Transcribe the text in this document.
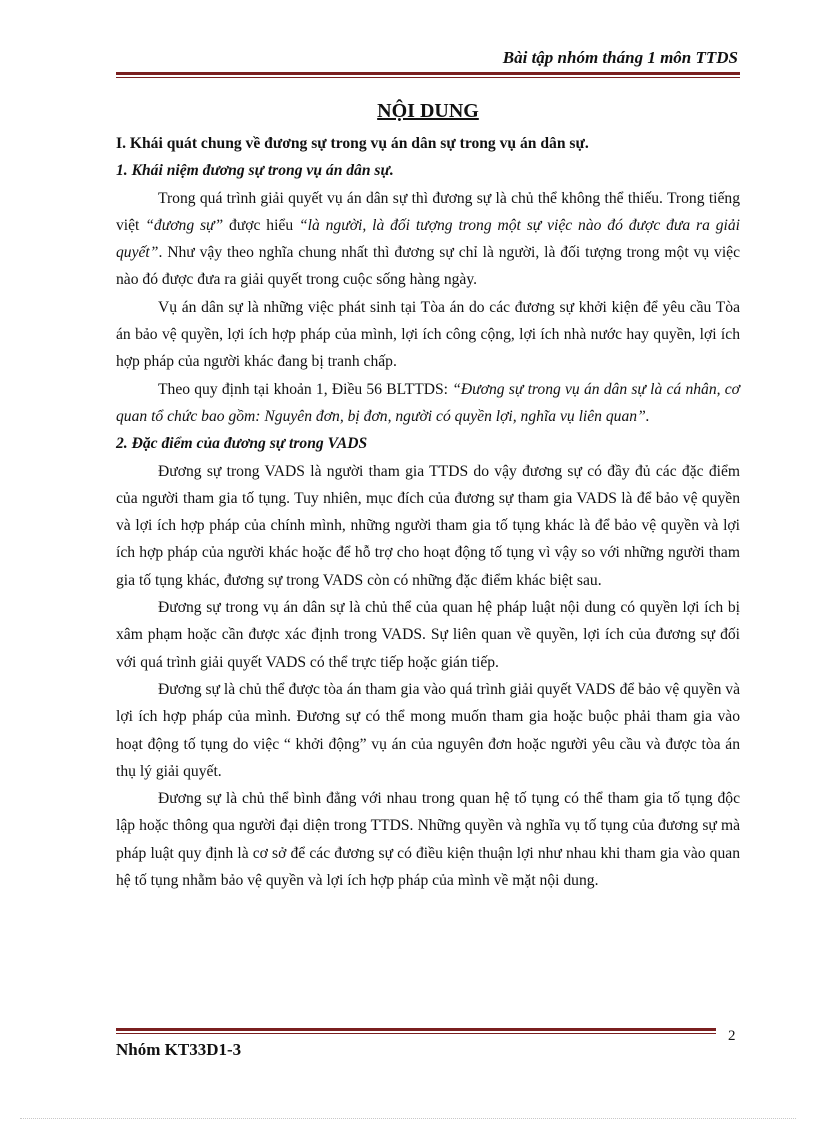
Bài tập nhóm tháng 1 môn TTDS
NỘI DUNG

I. Khái quát chung về đương sự trong vụ án dân sự trong vụ án dân sự.

1. Khái niệm đương sự trong vụ án dân sự.

Trong quá trình giải quyết vụ án dân sự thì đương sự là chủ thể không thể thiếu. Trong tiếng việt “đương sự” được hiểu “là người, là đối tượng trong một sự việc nào đó được đưa ra giải quyết”. Như vậy theo nghĩa chung nhất thì đương sự chỉ là người, là đối tượng trong một vụ việc nào đó được đưa ra giải quyết trong cuộc sống hàng ngày.

Vụ án dân sự là những việc phát sinh tại Tòa án do các đương sự khởi kiện để yêu cầu Tòa án bảo vệ quyền, lợi ích hợp pháp của mình, lợi ích công cộng, lợi ích nhà nước hay quyền, lợi ích hợp pháp của người khác đang bị tranh chấp.

Theo quy định tại khoản 1, Điều 56 BLTTDS: “Đương sự trong vụ án dân sự là cá nhân, cơ quan tổ chức bao gồm: Nguyên đơn, bị đơn, người có quyền lợi, nghĩa vụ liên quan”.

2. Đặc điểm của đương sự trong VADS

Đương sự trong VADS là người tham gia TTDS do vậy đương sự có đầy đủ các đặc điểm của người tham gia tố tụng. Tuy nhiên, mục đích của đương sự tham gia VADS là để bảo vệ quyền và lợi ích hợp pháp của chính mình, những người tham gia tố tụng khác là để bảo vệ quyền và lợi ích hợp pháp của người khác hoặc để hỗ trợ cho hoạt động tố tụng vì vậy so với những người tham gia tố tụng khác, đương sự trong VADS còn có những đặc điểm khác biệt sau.

Đương sự trong vụ án dân sự là chủ thể của quan hệ pháp luật nội dung có quyền lợi ích bị xâm phạm hoặc cần được xác định trong VADS. Sự liên quan về quyền, lợi ích của đương sự đối với quá trình giải quyết VADS có thể trực tiếp hoặc gián tiếp.

Đương sự là chủ thể được tòa án tham gia vào quá trình giải quyết VADS để bảo vệ quyền và lợi ích hợp pháp của mình. Đương sự có thể mong muốn tham gia hoặc buộc phải tham gia vào hoạt động tố tụng do việc “ khởi động” vụ án của nguyên đơn hoặc người yêu cầu và được tòa án thụ lý giải quyết.

Đương sự là chủ thể bình đẳng với nhau trong quan hệ tố tụng có thể tham gia tố tụng độc lập hoặc thông qua người đại diện trong TTDS. Những quyền và nghĩa vụ tố tụng của đương sự mà pháp luật quy định là cơ sở để các đương sự có điều kiện thuận lợi như nhau khi tham gia vào quan hệ tố tụng nhằm bảo vệ quyền và lợi ích hợp pháp của mình về mặt nội dung.

2
Nhóm KT33D1-3
